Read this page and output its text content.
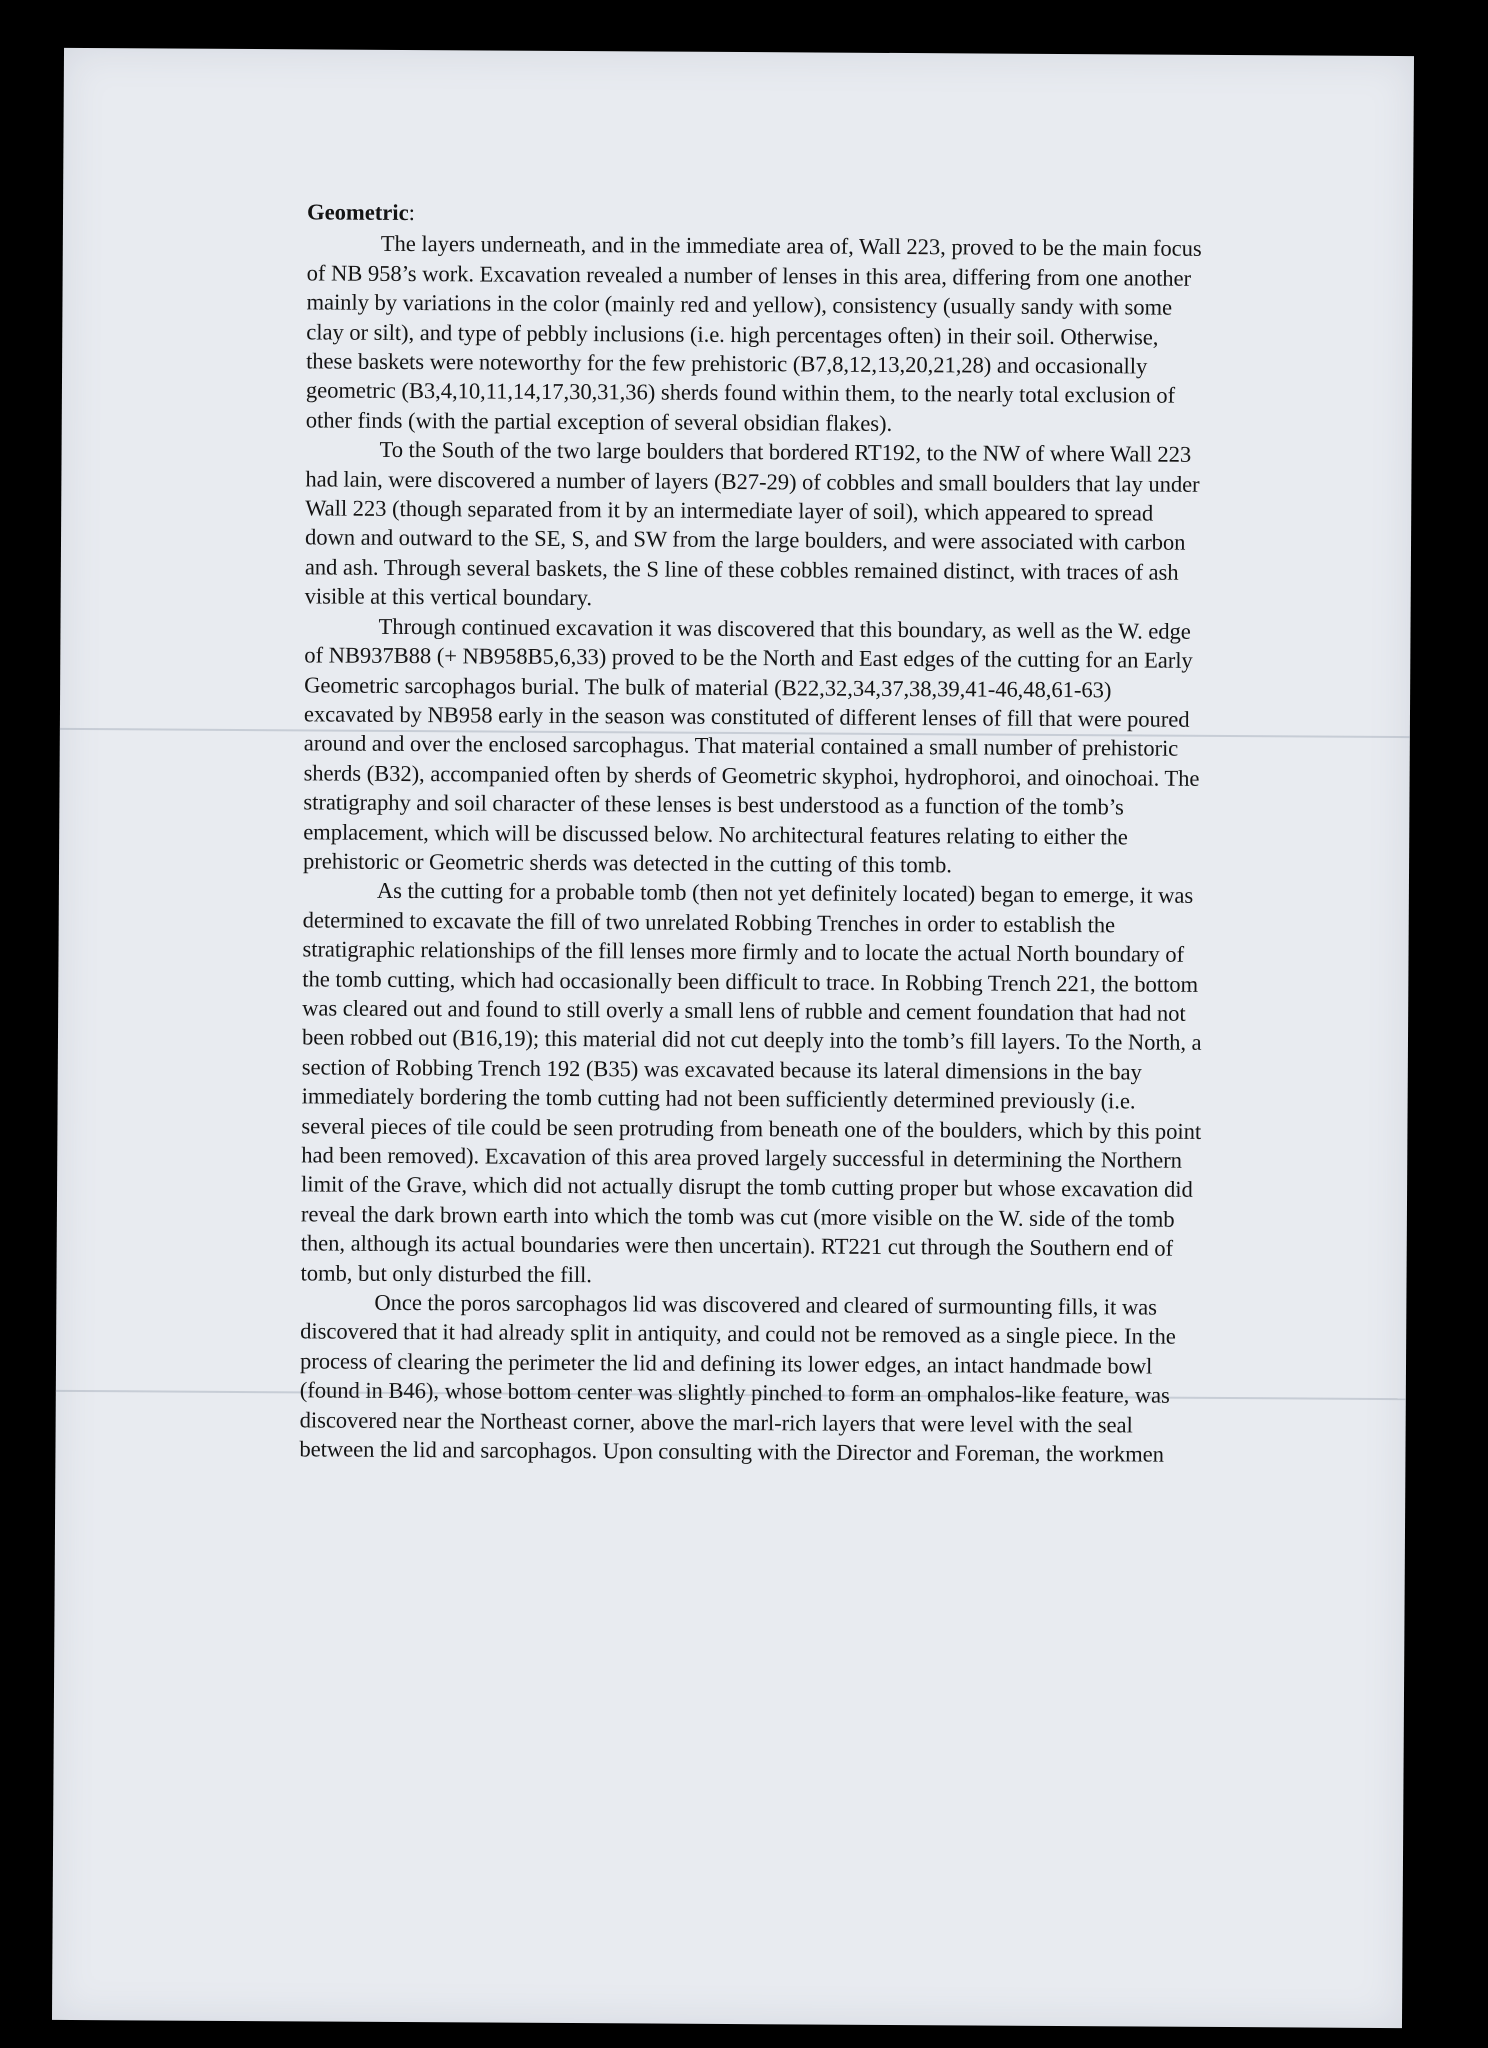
Geometric:

The layers underneath, and in the immediate area of, Wall 223, proved to be the main focus of NB 958’s work. Excavation revealed a number of lenses in this area, differing from one another mainly by variations in the color (mainly red and yellow), consistency (usually sandy with some clay or silt), and type of pebbly inclusions (i.e. high percentages often) in their soil. Otherwise, these baskets were noteworthy for the few prehistoric (B7,8,12,13,20,21,28) and occasionally geometric (B3,4,10,11,14,17,30,31,36) sherds found within them, to the nearly total exclusion of other finds (with the partial exception of several obsidian flakes).

To the South of the two large boulders that bordered RT192, to the NW of where Wall 223 had lain, were discovered a number of layers (B27-29) of cobbles and small boulders that lay under Wall 223 (though separated from it by an intermediate layer of soil), which appeared to spread down and outward to the SE, S, and SW from the large boulders, and were associated with carbon and ash. Through several baskets, the S line of these cobbles remained distinct, with traces of ash visible at this vertical boundary.

Through continued excavation it was discovered that this boundary, as well as the W. edge of NB937B88 (+ NB958B5,6,33) proved to be the North and East edges of the cutting for an Early Geometric sarcophagos burial. The bulk of material (B22,32,34,37,38,39,41-46,48,61-63) excavated by NB958 early in the season was constituted of different lenses of fill that were poured around and over the enclosed sarcophagus. That material contained a small number of prehistoric sherds (B32), accompanied often by sherds of Geometric skyphoi, hydrophoroi, and oinochoai. The stratigraphy and soil character of these lenses is best understood as a function of the tomb’s emplacement, which will be discussed below. No architectural features relating to either the prehistoric or Geometric sherds was detected in the cutting of this tomb.

As the cutting for a probable tomb (then not yet definitely located) began to emerge, it was determined to excavate the fill of two unrelated Robbing Trenches in order to establish the stratigraphic relationships of the fill lenses more firmly and to locate the actual North boundary of the tomb cutting, which had occasionally been difficult to trace. In Robbing Trench 221, the bottom was cleared out and found to still overly a small lens of rubble and cement foundation that had not been robbed out (B16,19); this material did not cut deeply into the tomb’s fill layers. To the North, a section of Robbing Trench 192 (B35) was excavated because its lateral dimensions in the bay immediately bordering the tomb cutting had not been sufficiently determined previously (i.e. several pieces of tile could be seen protruding from beneath one of the boulders, which by this point had been removed). Excavation of this area proved largely successful in determining the Northern limit of the Grave, which did not actually disrupt the tomb cutting proper but whose excavation did reveal the dark brown earth into which the tomb was cut (more visible on the W. side of the tomb then, although its actual boundaries were then uncertain). RT221 cut through the Southern end of tomb, but only disturbed the fill.

Once the poros sarcophagos lid was discovered and cleared of surmounting fills, it was discovered that it had already split in antiquity, and could not be removed as a single piece. In the process of clearing the perimeter the lid and defining its lower edges, an intact handmade bowl (found in B46), whose bottom center was slightly pinched to form an omphalos-like feature, was discovered near the Northeast corner, above the marl-rich layers that were level with the seal between the lid and sarcophagos. Upon consulting with the Director and Foreman, the workmen
